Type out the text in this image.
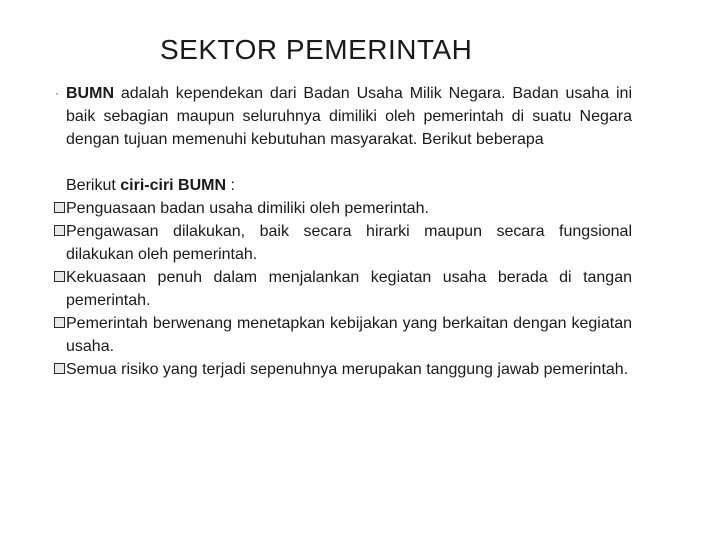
SEKTOR PEMERINTAH
· BUMN adalah kependekan dari Badan Usaha Milik Negara. Badan usaha ini baik sebagian maupun seluruhnya dimiliki oleh pemerintah di suatu Negara dengan tujuan memenuhi kebutuhan masyarakat. Berikut beberapa
Berikut ciri-ciri BUMN :
Penguasaan badan usaha dimiliki oleh pemerintah.
Pengawasan dilakukan, baik secara hirarki maupun secara fungsional dilakukan oleh pemerintah.
Kekuasaan penuh dalam menjalankan kegiatan usaha berada di tangan pemerintah.
Pemerintah berwenang menetapkan kebijakan yang berkaitan dengan kegiatan usaha.
Semua risiko yang terjadi sepenuhnya merupakan tanggung jawab pemerintah.
